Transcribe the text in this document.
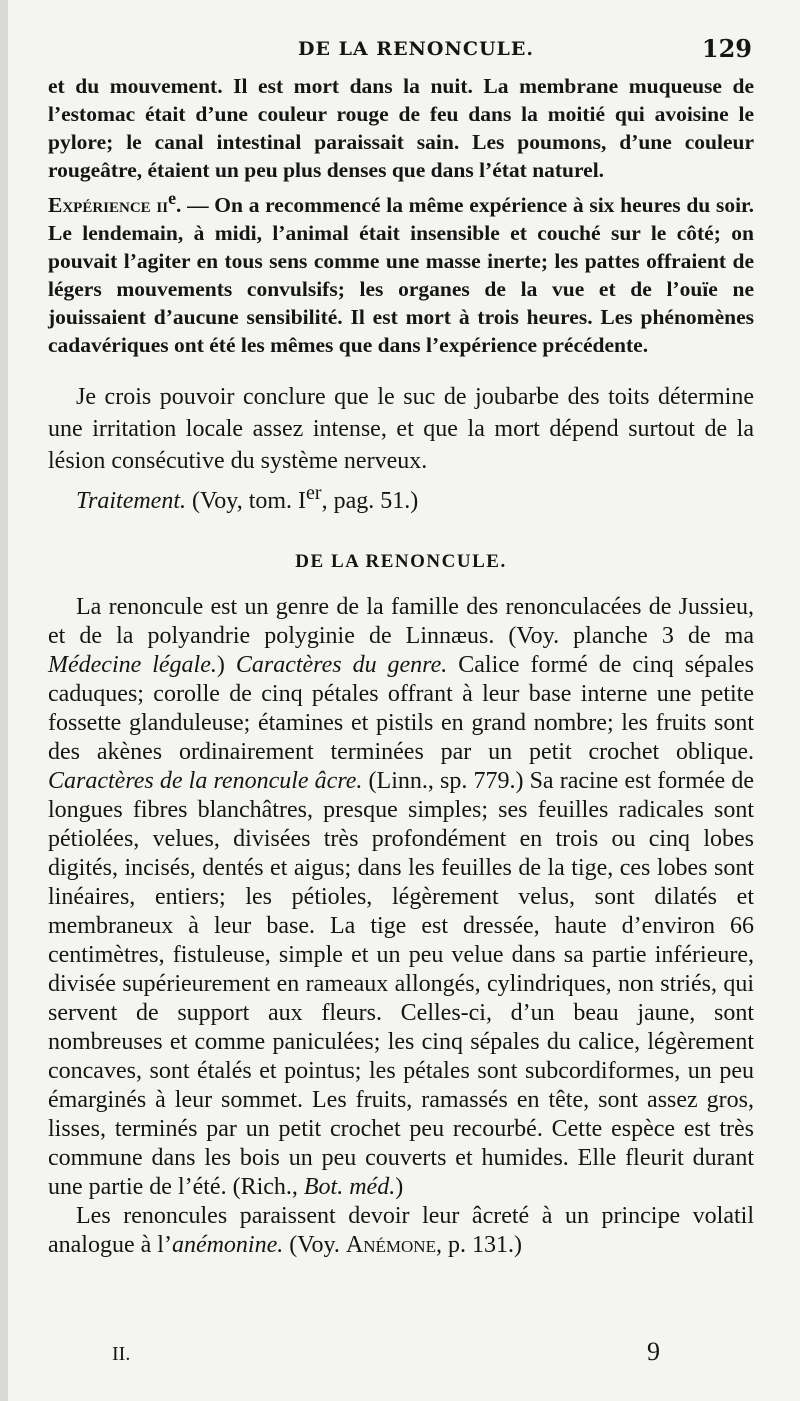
DE LA RENONCULE.	129

et du mouvement. Il est mort dans la nuit. La membrane muqueuse de l’estomac était d’une couleur rouge de feu dans la moitié qui avoisine le pylore; le canal intestinal paraissait sain. Les poumons, d’une couleur rougeâtre, étaient un peu plus denses que dans l’état naturel.

Expérience $ii^e$. — On a recommencé la même expérience à six heures du soir. Le lendemain, à midi, l’animal était insensible et couché sur le côté; on pouvait l’agiter en tous sens comme une masse inerte; les pattes offraient de légers mouvements convulsifs; les organes de la vue et de l’ouïe ne jouissaient d’aucune sensibilité. Il est mort à trois heures. Les phénomènes cadavériques ont été les mêmes que dans l’expérience précédente.

Je crois pouvoir conclure que le suc de joubarbe des toits détermine une irritation locale assez intense, et que la mort dépend surtout de la lésion consécutive du système nerveux.

Traitement. (Voy, tom. Ier, pag. 51.)

DE LA RENONCULE.

La renoncule est un genre de la famille des renonculacées de Jussieu, et de la polyandrie polyginie de Linnæus. (Voy. planche 3 de ma Médecine légale.) Caractères du genre. Calice formé de cinq sépales caduques; corolle de cinq pétales offrant à leur base interne une petite fossette glanduleuse; étamines et pistils en grand nombre; les fruits sont des akènes ordinairement terminées par un petit crochet oblique. Caractères de la renoncule âcre. (Linn., sp. 779.) Sa racine est formée de longues fibres blanchâtres, presque simples; ses feuilles radicales sont pétiolées, velues, divisées très profondément en trois ou cinq lobes digités, incisés, dentés et aigus; dans les feuilles de la tige, ces lobes sont linéaires, entiers; les pétioles, légèrement velus, sont dilatés et membraneux à leur base. La tige est dressée, haute d’environ 66 centimètres, fistuleuse, simple et un peu velue dans sa partie inférieure, divisée supérieurement en rameaux allongés, cylindriques, non striés, qui servent de support aux fleurs. Celles-ci, d’un beau jaune, sont nombreuses et comme paniculées; les cinq sépales du calice, légèrement concaves, sont étalés et pointus; les pétales sont subcordiformes, un peu émarginés à leur sommet. Les fruits, ramassés en tête, sont assez gros, lisses, terminés par un petit crochet peu recourbé. Cette espèce est très commune dans les bois un peu couverts et humides. Elle fleurit durant une partie de l’été. (Rich., Bot. méd.)

Les renoncules paraissent devoir leur âcreté à un principe volatil analogue à l’anémonine. (Voy. Anémone, p. 131.)

II.	9
